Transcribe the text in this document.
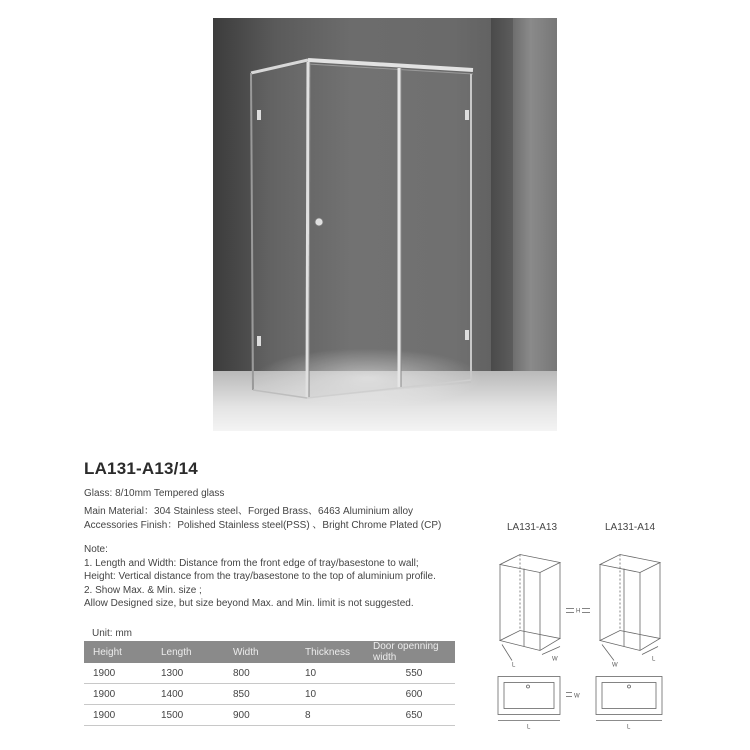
LA131-A13/14
Glass: 8/10mm Tempered glass
Main Material：304 Stainless steel、Forged Brass、6463 Aluminium alloy
Accessories Finish：Polished Stainless steel(PSS) 、Bright Chrome Plated (CP)
Note:
1. Length and Width: Distance from the front edge of tray/basestone to wall;
Height: Vertical distance from the tray/basestone to the top of aluminium profile.
2. Show Max. & Min. size ;
Allow Designed size, but size beyond Max. and Min. limit is not suggested.
LA131-A13	LA131-A14
L
W
H
W
L
W
L	L
Unit: mm
Height	Length	Width	Thickness	Door openning width
1900	1300	800	10	550
1900	1400	850	10	600
1900	1500	900	8	650
